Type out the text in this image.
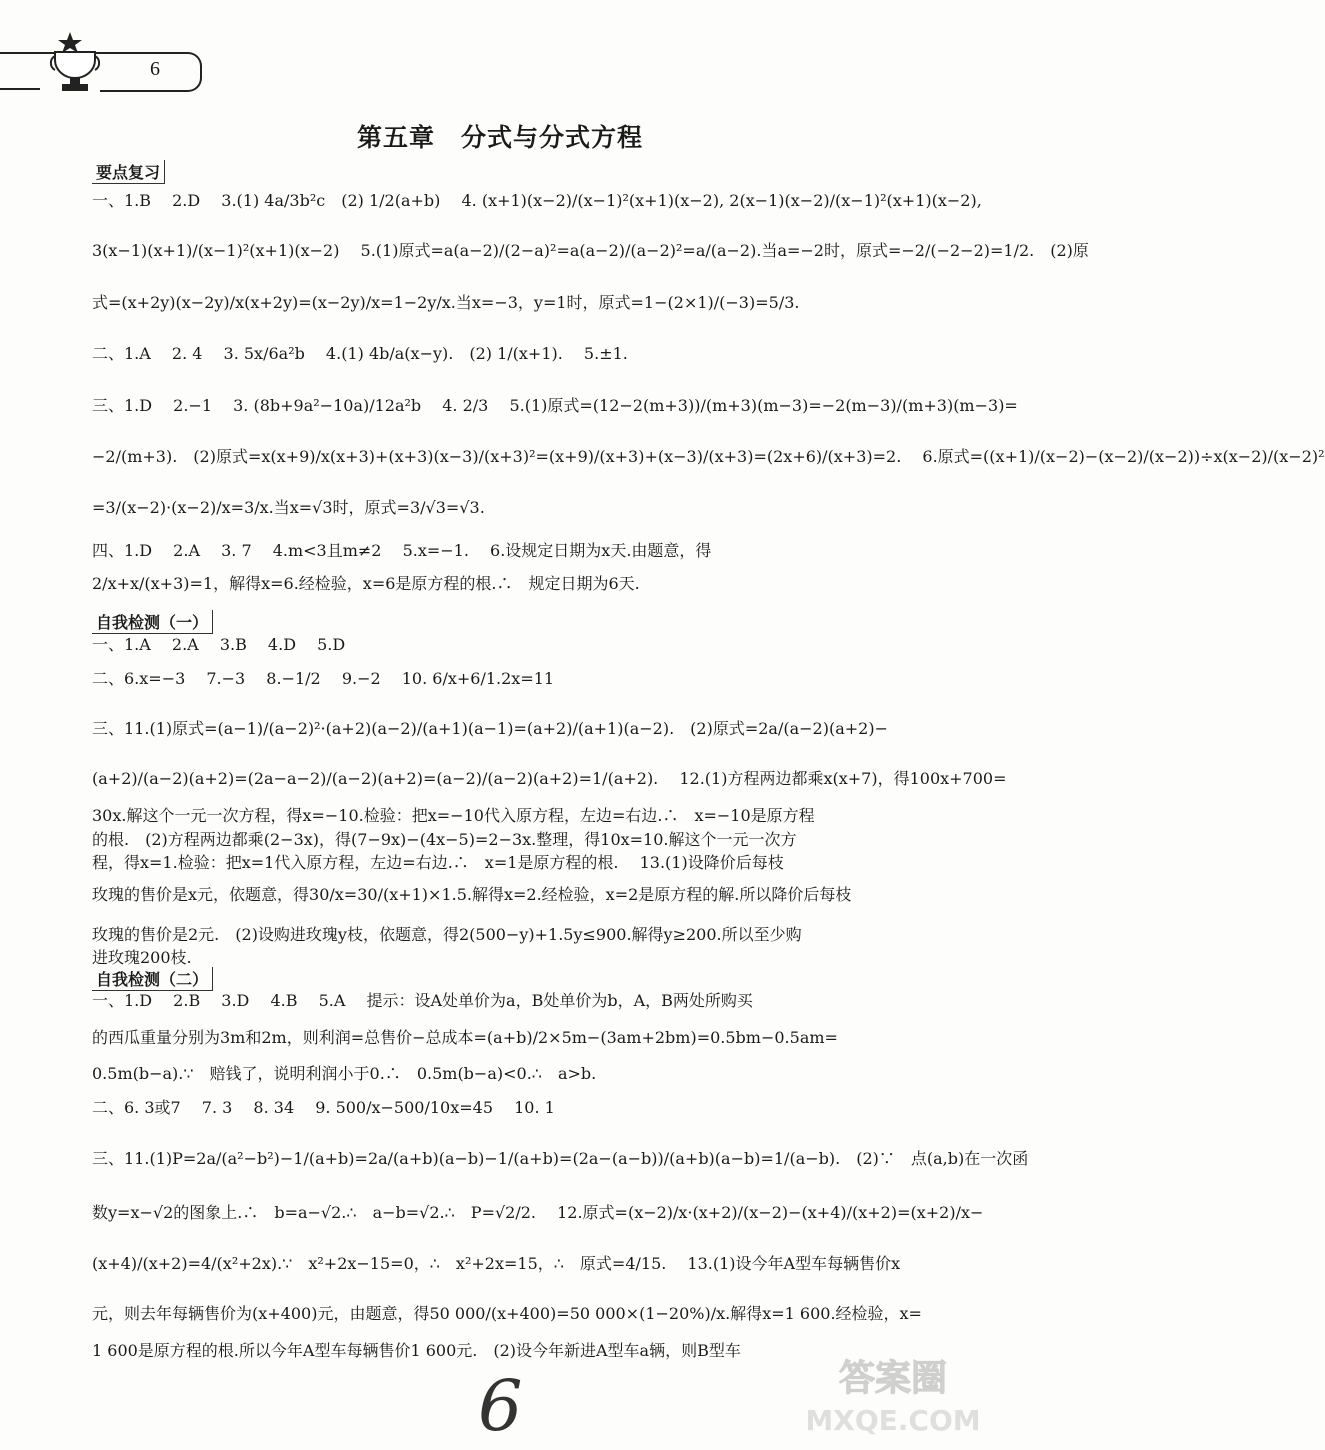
6
第五章　分式与分式方程
要点复习
一、1.B　 2.D　 3.(1) 4a/3b²c　(2) 1/2(a+b)　 4. (x+1)(x−2)/(x−1)²(x+1)(x−2), 2(x−1)(x−2)/(x−1)²(x+1)(x−2),
3(x−1)(x+1)/(x−1)²(x+1)(x−2)　 5.(1)原式=a(a−2)/(2−a)²=a(a−2)/(a−2)²=a/(a−2).当a=−2时，原式=−2/(−2−2)=1/2.　(2)原
式=(x+2y)(x−2y)/x(x+2y)=(x−2y)/x=1−2y/x.当x=−3，y=1时，原式=1−(2×1)/(−3)=5/3.
二、1.A　 2. 4　 3. 5x/6a²b　 4.(1) 4b/a(x−y).　(2) 1/(x+1).　 5.±1.
三、1.D　 2.−1　 3. (8b+9a²−10a)/12a²b　 4. 2/3　 5.(1)原式=(12−2(m+3))/(m+3)(m−3)=−2(m−3)/(m+3)(m−3)=
−2/(m+3).　(2)原式=x(x+9)/x(x+3)+(x+3)(x−3)/(x+3)²=(x+9)/(x+3)+(x−3)/(x+3)=(2x+6)/(x+3)=2.　 6.原式=((x+1)/(x−2)−(x−2)/(x−2))÷x(x−2)/(x−2)²
=3/(x−2)·(x−2)/x=3/x.当x=√3时，原式=3/√3=√3.
四、1.D　 2.A　 3. 7　 4.m<3且m≠2　 5.x=−1.　 6.设规定日期为x天.由题意，得
2/x+x/(x+3)=1，解得x=6.经检验，x=6是原方程的根.∴　规定日期为6天.
自我检测（一）
一、1.A　 2.A　 3.B　 4.D　 5.D
二、6.x=−3　 7.−3　 8.−1/2　 9.−2　 10. 6/x+6/1.2x=11
三、11.(1)原式=(a−1)/(a−2)²·(a+2)(a−2)/(a+1)(a−1)=(a+2)/(a+1)(a−2).　(2)原式=2a/(a−2)(a+2)−
(a+2)/(a−2)(a+2)=(2a−a−2)/(a−2)(a+2)=(a−2)/(a−2)(a+2)=1/(a+2).　 12.(1)方程两边都乘x(x+7)，得100x+700=
30x.解这个一元一次方程，得x=−10.检验：把x=−10代入原方程，左边=右边.∴　x=−10是原方程
的根.　(2)方程两边都乘(2−3x)，得(7−9x)−(4x−5)=2−3x.整理，得10x=10.解这个一元一次方
程，得x=1.检验：把x=1代入原方程，左边=右边.∴　x=1是原方程的根.　 13.(1)设降价后每枝
玫瑰的售价是x元，依题意，得30/x=30/(x+1)×1.5.解得x=2.经检验，x=2是原方程的解.所以降价后每枝
玫瑰的售价是2元.　(2)设购进玫瑰y枝，依题意，得2(500−y)+1.5y≤900.解得y≥200.所以至少购
进玫瑰200枝.
自我检测（二）
一、1.D　 2.B　 3.D　 4.B　 5.A　 提示：设A处单价为a，B处单价为b，A，B两处所购买
的西瓜重量分别为3m和2m，则利润=总售价−总成本=(a+b)/2×5m−(3am+2bm)=0.5bm−0.5am=
0.5m(b−a).∵　赔钱了，说明利润小于0.∴　0.5m(b−a)<0.∴　a>b.
二、6. 3或7　 7. 3　 8. 34　 9. 500/x−500/10x=45　 10. 1
三、11.(1)P=2a/(a²−b²)−1/(a+b)=2a/(a+b)(a−b)−1/(a+b)=(2a−(a−b))/(a+b)(a−b)=1/(a−b).　(2)∵　点(a,b)在一次函
数y=x−√2的图象上.∴　b=a−√2.∴　a−b=√2.∴　P=√2/2.　 12.原式=(x−2)/x·(x+2)/(x−2)−(x+4)/(x+2)=(x+2)/x−
(x+4)/(x+2)=4/(x²+2x).∵　x²+2x−15=0，∴　x²+2x=15，∴　原式=4/15.　 13.(1)设今年A型车每辆售价x
元，则去年每辆售价为(x+400)元，由题意，得50 000/(x+400)=50 000×(1−20%)/x.解得x=1 600.经检验，x=
1 600是原方程的根.所以今年A型车每辆售价1 600元.　(2)设今年新进A型车a辆，则B型车
6	答案圈
MXQE.COM
